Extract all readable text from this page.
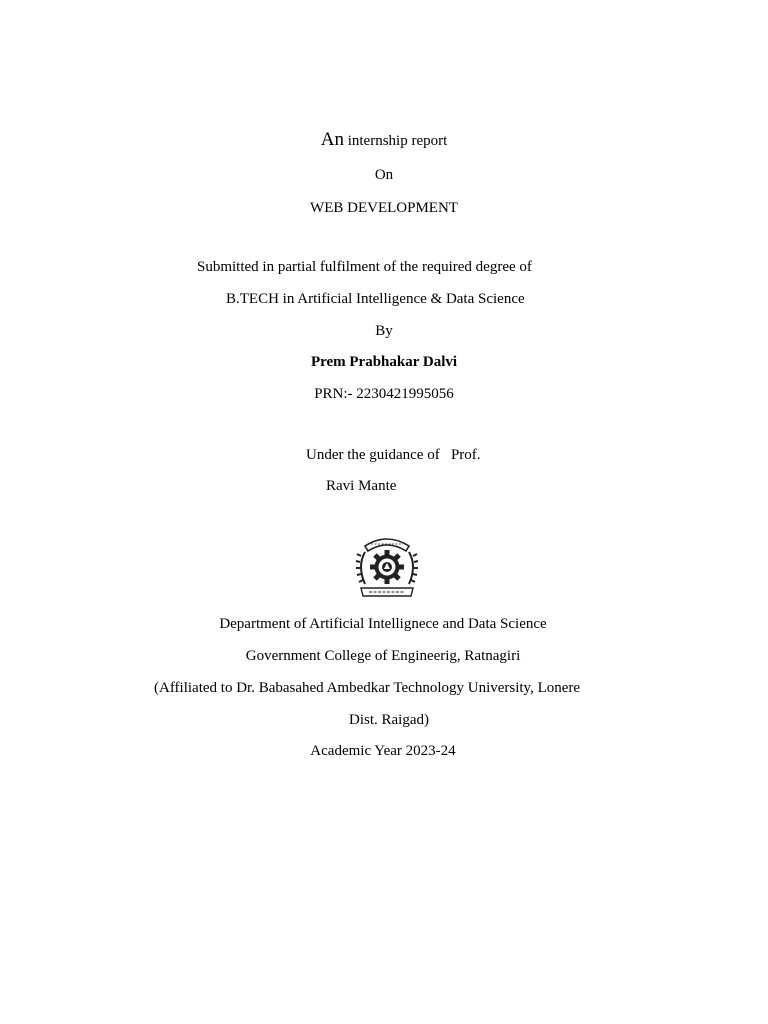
An internship report
On
WEB DEVELOPMENT
Submitted in partial fulfilment of the required degree of
B.TECH in Artificial Intelligence & Data Science
By
Prem Prabhakar Dalvi
PRN:- 2230421995056
Under the guidance of   Prof.
Ravi Mante
Department of Artificial Intellignece and Data Science
Government College of Engineerig, Ratnagiri
(Affiliated to Dr. Babasahed Ambedkar Technology University, Lonere
Dist. Raigad)
Academic Year 2023-24
